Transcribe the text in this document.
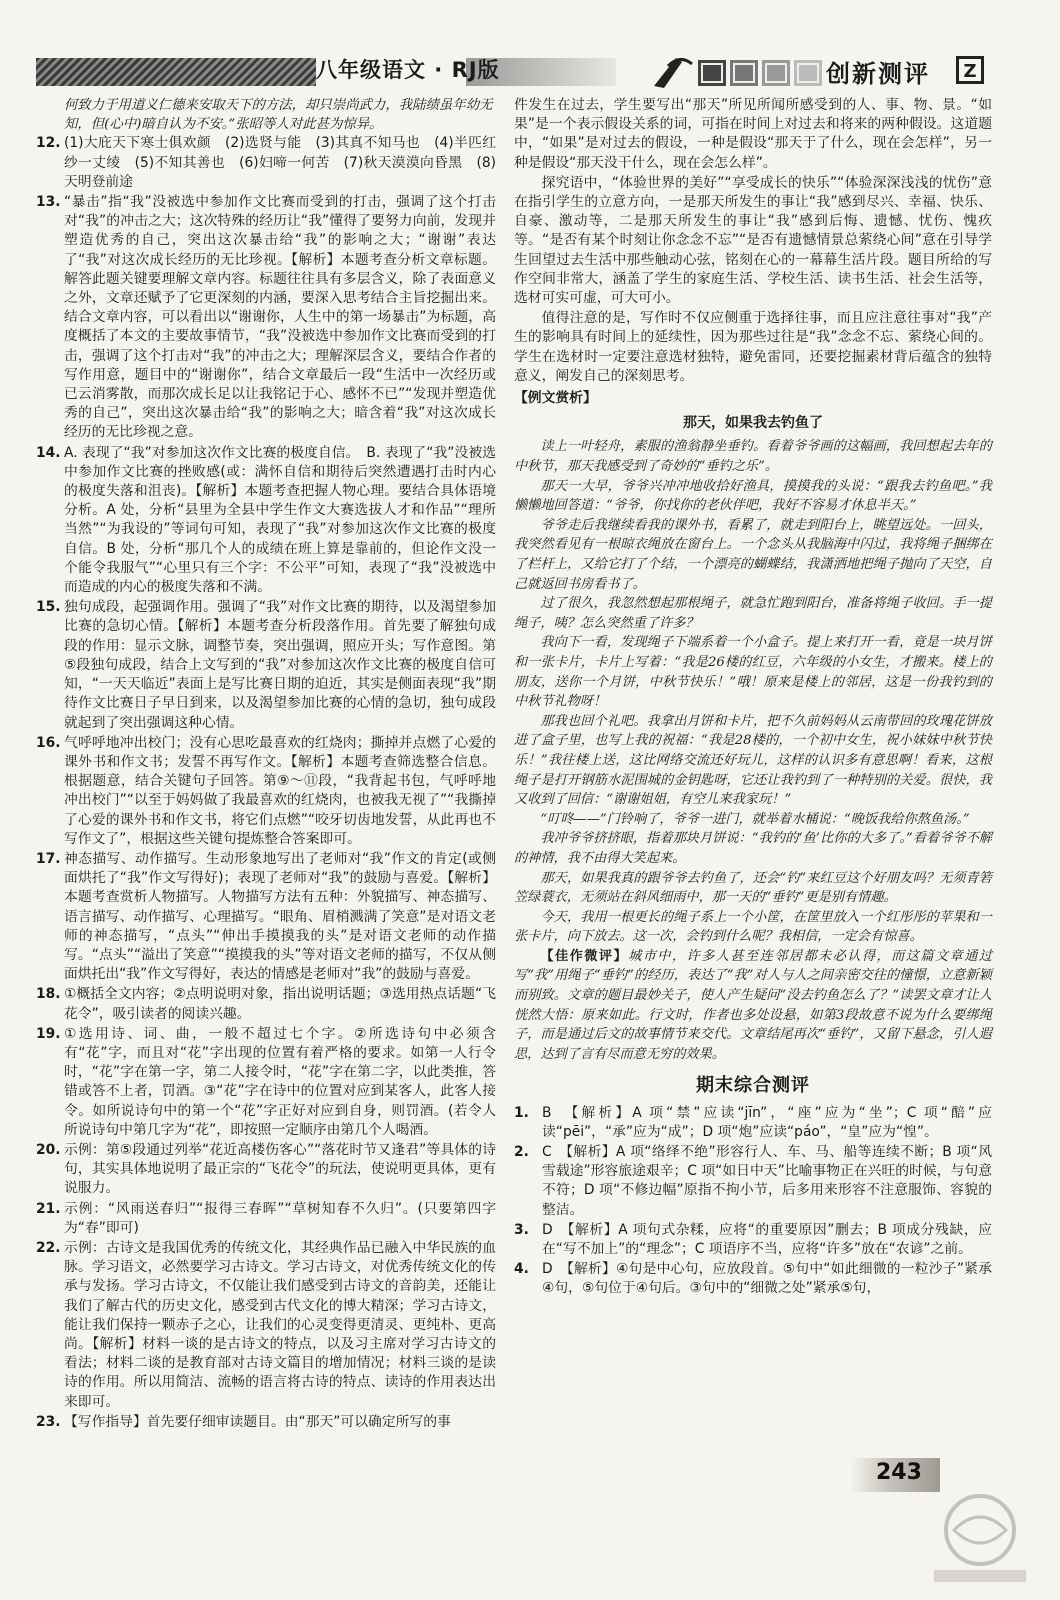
八年级语文 · RJ版	创新测评	Z
何致力于用道义仁德来安取天下的方法，却只崇尚武力，我陆绩虽年幼无知，但(心中)暗自认为不安。”张昭等人对此甚为惊异。
12. (1)大庇天下寒士俱欢颜　(2)选贤与能　(3)其真不知马也　(4)半匹红纱一丈绫　(5)不知其善也　(6)妇啼一何苦　(7)秋天漠漠向昏黑　(8)天明登前途
13. “暴击”指“我”没被选中参加作文比赛而受到的打击，强调了这个打击对“我”的冲击之大；这次特殊的经历让“我”懂得了要努力向前，发现并塑造优秀的自己，突出这次暴击给“我”的影响之大；“谢谢”表达了“我”对这次成长经历的无比珍视。【解析】本题考查分析文章标题。解答此题关键要理解文章内容。标题往往具有多层含义，除了表面意义之外，文章还赋予了它更深刻的内涵，要深入思考结合主旨挖掘出来。结合文章内容，可以看出以“谢谢你，人生中的第一场暴击”为标题，高度概括了本文的主要故事情节，“我”没被选中参加作文比赛而受到的打击，强调了这个打击对“我”的冲击之大；理解深层含义，要结合作者的写作用意，题目中的“谢谢你”，结合文章最后一段“生活中一次经历或已云消雾散，而那次成长足以让我铭记于心、感怀不已”“发现并塑造优秀的自己”，突出这次暴击给“我”的影响之大；暗含着“我”对这次成长经历的无比珍视之意。
14. A. 表现了“我”对参加这次作文比赛的极度自信。　B. 表现了“我”没被选中参加作文比赛的挫败感(或：满怀自信和期待后突然遭遇打击时内心的极度失落和沮丧)。【解析】本题考查把握人物心理。要结合具体语境分析。A 处，分析“县里为全县中学生作文大赛选拔人才和作品”“理所当然”“为我设的”等词句可知，表现了“我”对参加这次作文比赛的极度自信。B 处，分析“那几个人的成绩在班上算是靠前的，但论作文没一个能令我服气”“心里只有三个字：不公平”可知，表现了“我”没被选中而造成的内心的极度失落和不满。
15. 独句成段，起强调作用。强调了“我”对作文比赛的期待，以及渴望参加比赛的急切心情。【解析】本题考查分析段落作用。首先要了解独句成段的作用：显示文脉，调整节奏，突出强调，照应开头；写作意图。第⑤段独句成段，结合上文写到的“我”对参加这次作文比赛的极度自信可知，“一天天临近”表面上是写比赛日期的迫近，其实是侧面表现“我”期待作文比赛日子早日到来，以及渴望参加比赛的心情的急切，独句成段就起到了突出强调这种心情。
16. 气呼呼地冲出校门；没有心思吃最喜欢的红烧肉；撕掉并点燃了心爱的课外书和作文书；发誓不再写作文。【解析】本题考查筛选整合信息。根据题意，结合关键句子回答。第⑨～⑪段，“我背起书包，气呼呼地冲出校门”“以至于妈妈做了我最喜欢的红烧肉，也被我无视了”“我撕掉了心爱的课外书和作文书，将它们点燃”“咬牙切齿地发誓，从此再也不写作文了”，根据这些关键句提炼整合答案即可。
17. 神态描写、动作描写。生动形象地写出了老师对“我”作文的肯定(或侧面烘托了“我”作文写得好)；表现了老师对“我”的鼓励与喜爱。【解析】本题考查赏析人物描写。人物描写方法有五种：外貌描写、神态描写、语言描写、动作描写、心理描写。“眼角、眉梢溅满了笑意”是对语文老师的神态描写，“点头”“伸出手摸摸我的头”是对语文老师的动作描写。“点头”“溢出了笑意”“摸摸我的头”等对语文老师的描写，不仅从侧面烘托出“我”作文写得好，表达的情感是老师对“我”的鼓励与喜爱。
18. ①概括全文内容；②点明说明对象，指出说明话题；③选用热点话题“飞花令”，吸引读者的阅读兴趣。
19. ①选用诗、词、曲，一般不超过七个字。②所选诗句中必须含有“花”字，而且对“花”字出现的位置有着严格的要求。如第一人行令时，“花”字在第一字，第二人接令时，“花”字在第二字，以此类推，答错或答不上者，罚酒。③“花”字在诗中的位置对应到某客人，此客人接令。如所说诗句中的第一个“花”字正好对应到自身，则罚酒。(若令人所说诗句中第几字为“花”，即按照一定顺序由第几个人喝酒。
20. 示例：第⑤段通过列举“花近高楼伤客心”“落花时节又逢君”等具体的诗句，其实具体地说明了最正宗的“飞花令”的玩法，使说明更具体，更有说服力。
21. 示例：“风雨送春归”“报得三春晖”“草树知春不久归”。(只要第四字为“春”即可)
22. 示例：古诗文是我国优秀的传统文化，其经典作品已融入中华民族的血脉。学习语文，必然要学习古诗文。学习古诗文，对优秀传统文化的传承与发扬。学习古诗文，不仅能让我们感受到古诗文的音韵美，还能让我们了解古代的历史文化，感受到古代文化的博大精深；学习古诗文，能让我们保持一颗赤子之心，让我们的心灵变得更清灵、更纯朴、更高尚。【解析】材料一谈的是古诗文的特点，以及习主席对学习古诗文的看法；材料二谈的是教育部对古诗文篇目的增加情况；材料三谈的是读诗的作用。所以用简洁、流畅的语言将古诗的特点、读诗的作用表达出来即可。
23. 【写作指导】首先要仔细审读题目。由“那天”可以确定所写的事

件发生在过去，学生要写出“那天”所见所闻所感受到的人、事、物、景。“如果”是一个表示假设关系的词，可指在时间上对过去和将来的两种假设。这道题中，“如果”是对过去的假设，一种是假设“那天于了什么，现在会怎样”，另一种是假设“那天没干什么，现在会怎么样”。

探究语中，“体验世界的美好”“享受成长的快乐”“体验深深浅浅的忧伤”意在指引学生的立意方向，一是那天所发生的事让“我”感到尽兴、幸福、快乐、自豪、激动等，二是那天所发生的事让“我”感到后悔、遗憾、忧伤、愧疚等。“是否有某个时刻让你念念不忘”“是否有遗憾情景总萦绕心间”意在引导学生回望过去生活中那些触动心弦，铭刻在心的一幕幕生活片段。题目所给的写作空间非常大，涵盖了学生的家庭生活、学校生活、读书生活、社会生活等，选材可实可虚，可大可小。

值得注意的是，写作时不仅应侧重于选择往事，而且应注意往事对“我”产生的影响具有时间上的延续性，因为那些过往是“我”念念不忘、萦绕心间的。学生在选材时一定要注意选材独特，避免雷同，还要挖掘素材背后蕴含的独特意义，阐发自己的深刻思考。

【例文赏析】
那天，如果我去钓鱼了

读上一叶轻舟，素服的渔翁静坐垂钓。看着爷爷画的这幅画，我回想起去年的中秋节，那天我感受到了奇妙的“垂钓之乐”。

那天一大早，爷爷兴冲冲地收拾好渔具，摸摸我的头说：“跟我去钓鱼吧。”我懒懒地回答道：“爷爷，你找你的老伙伴吧，我好不容易才休息半天。”

爷爷走后我继续看我的课外书，看累了，就走到阳台上，眺望远处。一回头，我突然看见有一根晾衣绳放在窗台上。一个念头从我脑海中闪过，我将绳子捆绑在了栏杆上，又给它打了个结，一个漂亮的蝴蝶结，我潇洒地把绳子抛向了天空，自己就返回书房看书了。

过了很久，我忽然想起那根绳子，就急忙跑到阳台，准备将绳子收回。手一提绳子，咦？怎么突然重了许多？

我向下一看，发现绳子下端系着一个小盒子。提上来打开一看，竟是一块月饼和一张卡片，卡片上写着：“我是26楼的红豆，六年级的小女生，才搬来。楼上的朋友，送你一个月饼，中秋节快乐！”哦！原来是楼上的邻居，这是一份我钓到的中秋节礼物呀！

那我也回个礼吧。我拿出月饼和卡片，把不久前妈妈从云南带回的玫瑰花饼放进了盒子里，也写上我的祝福：“我是28楼的，一个初中女生，祝小妹妹中秋节快乐！”我往楼上送，这比网络交流还好玩儿，这样的认识多有意思啊！看来，这根绳子是打开钢筋水泥围城的金钥匙呀，它还让我钓到了一种特别的关爱。很快，我又收到了回信：“谢谢姐姐，有空儿来我家玩！”

“叮咚——”门铃响了，爷爷一进门，就举着水桶说：“晚饭我给你熬鱼汤。”

我冲爷爷挤挤眼，指着那块月饼说：“我钓的‘鱼’比你的大多了。”看着爷爷不解的神情，我不由得大笑起来。

那天，如果我真的跟爷爷去钓鱼了，还会“钓”来红豆这个好朋友吗？无须青箬笠绿蓑衣，无须站在斜风细雨中，那一天的“垂钓”更是别有情趣。

今天，我用一根更长的绳子系上一个小筐，在筐里放入一个红彤彤的苹果和一张卡片，向下放去。这一次，会钓到什么呢？我相信，一定会有惊喜。

【佳作微评】城市中，许多人甚至连邻居都未必认得，而这篇文章通过写“我”用绳子“垂钓”的经历，表达了“我”对人与人之间亲密交往的憧憬，立意新颖而别致。文章的题目最妙关子，使人产生疑问“没去钓鱼怎么了？”读罢文章才让人恍然大悟：原来如此。行文时，作者也多处设悬，如第3段故意不说为什么要绑绳子，而是通过后文的故事情节来交代。文章结尾再次“垂钓”，又留下悬念，引人遐思，达到了言有尽而意无穷的效果。

期末综合测评
1. B　【解析】A 项“禁”应读“jīn”，“座”应为“坐”；C 项“醅”应读“pēi”，“承”应为“成”；D 项“炮”应读“páo”，“皇”应为“惶”。
2. C　【解析】A 项“络绎不绝”形容行人、车、马、船等连续不断；B 项“风雪载途”形容旅途艰辛；C 项“如日中天”比喻事物正在兴旺的时候，与句意不符；D 项“不修边幅”原指不拘小节，后多用来形容不注意服饰、容貌的整洁。
3. D　【解析】A 项句式杂糅，应将“的重要原因”删去；B 项成分残缺，应在“写不加上”的“理念”；C 项语序不当，应将“许多”放在“农谚”之前。
4. D　【解析】④句是中心句，应放段首。⑤句中“如此细微的一粒沙子”紧承④句，⑤句位于④句后。③句中的“细微之处”紧承⑤句，
243
